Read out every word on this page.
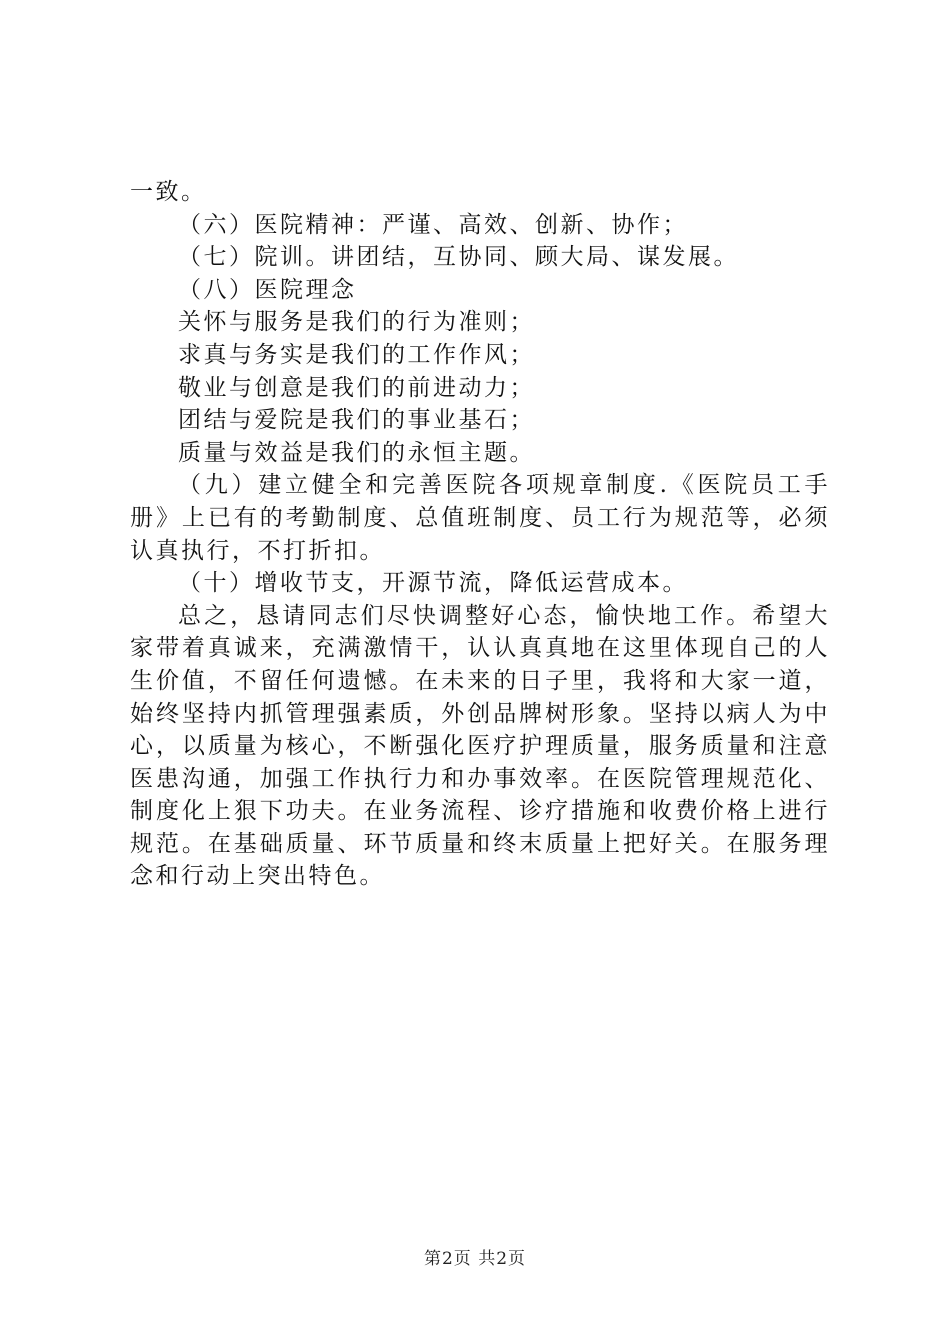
一致。

（六）医院精神：严谨、高效、创新、协作；

（七）院训。讲团结，互协同、顾大局、谋发展。

（八）医院理念

关怀与服务是我们的行为准则；

求真与务实是我们的工作作风；

敬业与创意是我们的前进动力；

团结与爱院是我们的事业基石；

质量与效益是我们的永恒主题。

（九）建立健全和完善医院各项规章制度.《医院员工手册》上已有的考勤制度、总值班制度、员工行为规范等，必须认真执行，不打折扣。

（十）增收节支，开源节流，降低运营成本。

总之，恳请同志们尽快调整好心态，愉快地工作。希望大家带着真诚来，充满激情干，认认真真地在这里体现自己的人生价值，不留任何遗憾。在未来的日子里，我将和大家一道，始终坚持内抓管理强素质，外创品牌树形象。坚持以病人为中心，以质量为核心，不断强化医疗护理质量，服务质量和注意医患沟通，加强工作执行力和办事效率。在医院管理规范化、制度化上狠下功夫。在业务流程、诊疗措施和收费价格上进行规范。在基础质量、环节质量和终末质量上把好关。在服务理念和行动上突出特色。

第2页 共2页
